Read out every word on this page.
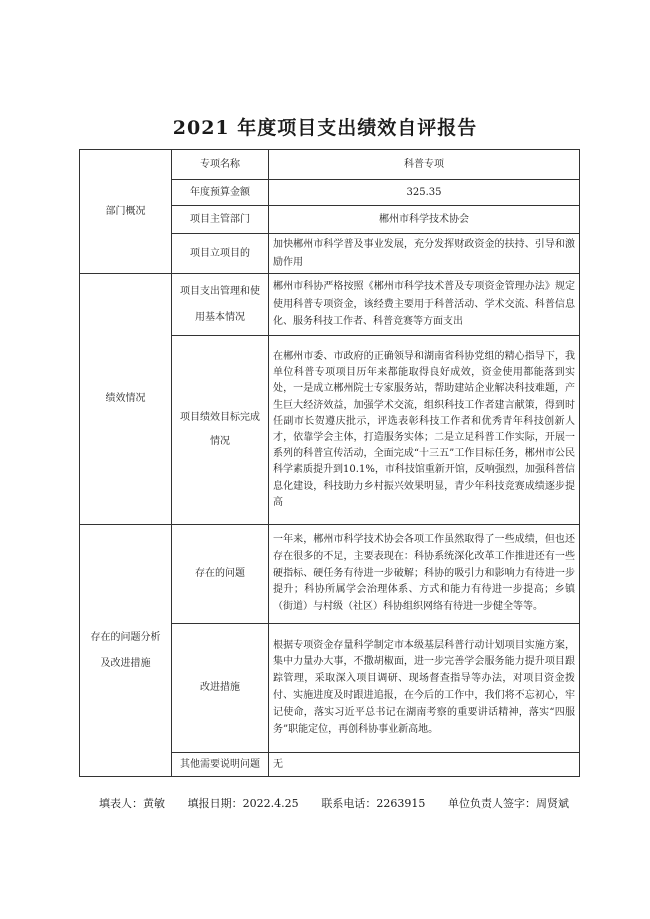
2021 年度项目支出绩效自评报告
部门概况	专项名称	科普专项
	年度预算金额	325.35
	项目主管部门	郴州市科学技术协会
	项目立项目的	加快郴州市科学普及事业发展，充分发挥财政资金的扶持、引导和激励作用
绩效情况	项目支出管理和使用基本情况	郴州市科协严格按照《郴州市科学技术普及专项资金管理办法》规定使用科普专项资金，该经费主要用于科普活动、学术交流、科普信息化、服务科技工作者、科普竞赛等方面支出
	项目绩效目标完成情况	在郴州市委、市政府的正确领导和湖南省科协党组的精心指导下，我单位科普专项项目历年来都能取得良好成效，资金使用都能落到实处，一是成立郴州院士专家服务站，帮助建站企业解决科技难题，产生巨大经济效益，加强学术交流，组织科技工作者建言献策，得到时任副市长贺遵庆批示，评选表彰科技工作者和优秀青年科技创新人才，依靠学会主体，打造服务实体；二是立足科普工作实际，开展一系列的科普宣传活动，全面完成“十三五”工作目标任务，郴州市公民科学素质提升到10.1%，市科技馆重新开馆，反响强烈，加强科普信息化建设，科技助力乡村振兴效果明显，青少年科技竞赛成绩逐步提高
存在的问题分析及改进措施	存在的问题	一年来，郴州市科学技术协会各项工作虽然取得了一些成绩，但也还存在很多的不足，主要表现在：科协系统深化改革工作推进还有一些硬指标、硬任务有待进一步破解；科协的吸引力和影响力有待进一步提升；科协所属学会治理体系、方式和能力有待进一步提高；乡镇（街道）与村级（社区）科协组织网络有待进一步健全等等。
	改进措施	根据专项资金存量科学制定市本级基层科普行动计划项目实施方案，集中力量办大事，不撒胡椒面，进一步完善学会服务能力提升项目跟踪管理，采取深入项目调研、现场督查指导等办法，对项目资金拨付、实施进度及时跟进追报，在今后的工作中，我们将不忘初心，牢记使命，落实习近平总书记在湖南考察的重要讲话精神，落实“四服务”职能定位，再创科协事业新高地。
	其他需要说明问题	无
填表人：黄敏 填报日期：2022.4.25 联系电话：2263915 单位负责人签字：周贤斌
